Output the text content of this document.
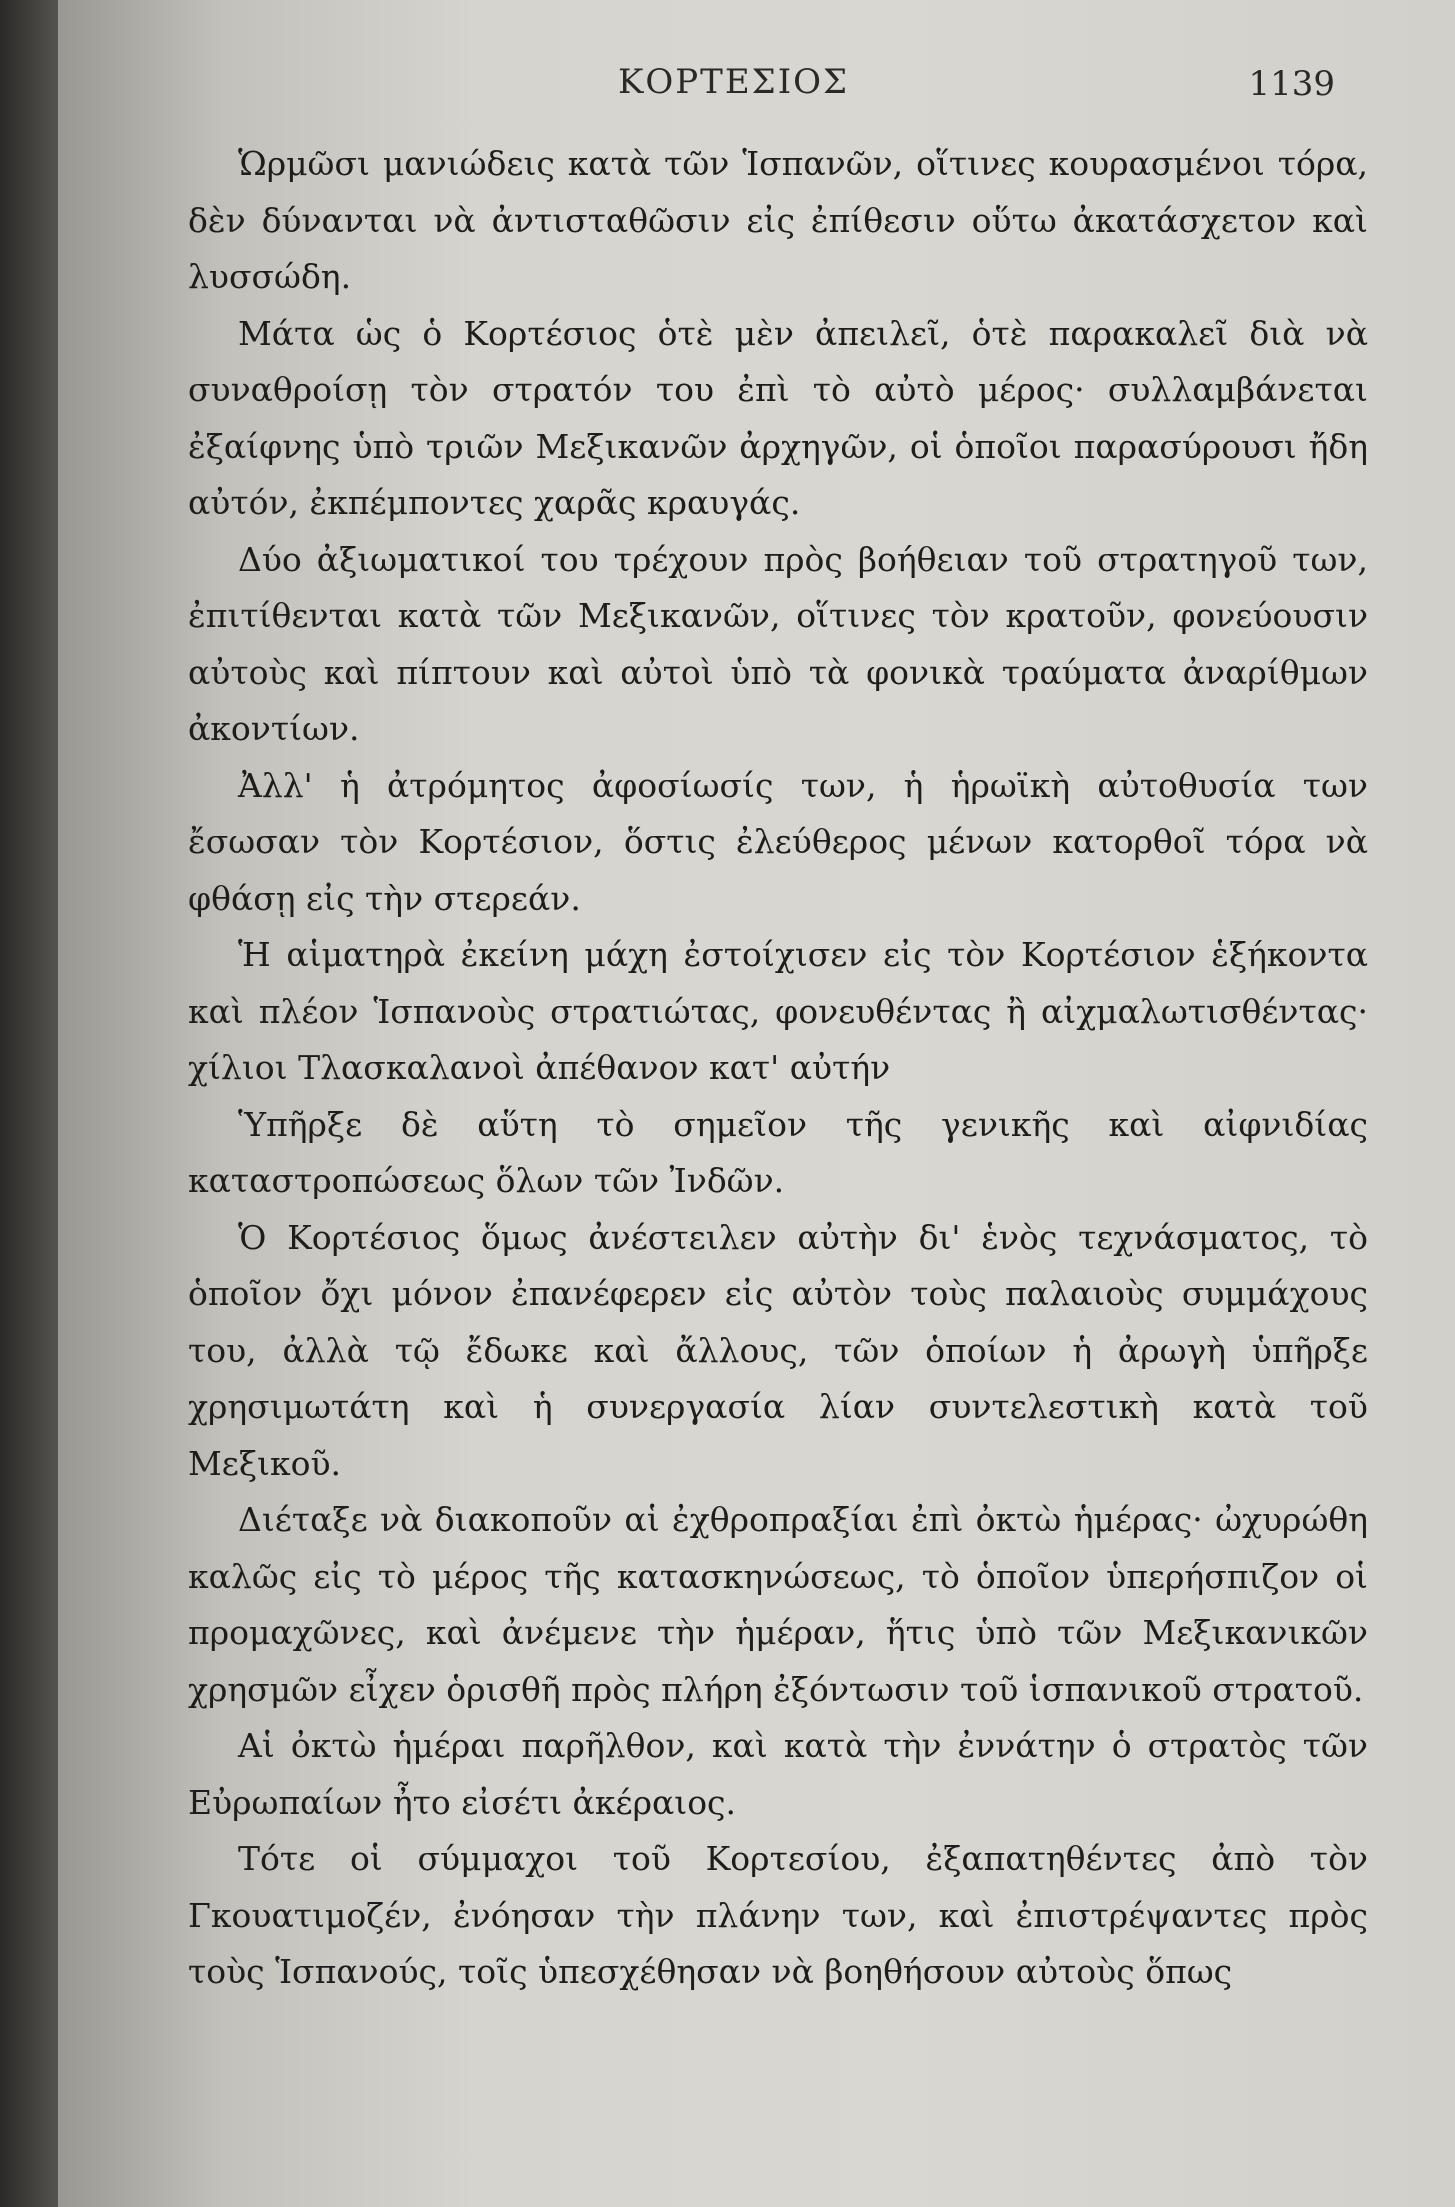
ΚΟΡΤΕΣΙΟΣ	1139

Ὡρμῶσι μανιώδεις κατὰ τῶν Ἱσπανῶν, οἵτινες κουρασμένοι τόρα, δὲν δύνανται νὰ ἀντισταθῶσιν εἰς ἐπίθεσιν οὕτω ἀκατάσχετον καὶ λυσσώδη.

Μάτα ὡς ὁ Κορτέσιος ὁτὲ μὲν ἀπειλεῖ, ὁτὲ παρακαλεῖ διὰ νὰ συναθροίσῃ τὸν στρατόν του ἐπὶ τὸ αὐτὸ μέρος· συλλαμβάνεται ἐξαίφνης ὑπὸ τριῶν Μεξικανῶν ἀρχηγῶν, οἱ ὁποῖοι παρασύρουσι ἤδη αὐτόν, ἐκπέμποντες χαρᾶς κραυγάς.

Δύο ἀξιωματικοί του τρέχουν πρὸς βοήθειαν τοῦ στρατηγοῦ των, ἐπιτίθενται κατὰ τῶν Μεξικανῶν, οἵτινες τὸν κρατοῦν, φονεύουσιν αὐτοὺς καὶ πίπτουν καὶ αὐτοὶ ὑπὸ τὰ φονικὰ τραύματα ἀναρίθμων ἀκοντίων.

Ἀλλ' ἡ ἀτρόμητος ἀφοσίωσίς των, ἡ ἡρωϊκὴ αὐτοθυσία των ἔσωσαν τὸν Κορτέσιον, ὅστις ἐλεύθερος μένων κατορθοῖ τόρα νὰ φθάσῃ εἰς τὴν στερεάν.

Ἡ αἱματηρὰ ἐκείνη μάχη ἐστοίχισεν εἰς τὸν Κορτέσιον ἑξήκοντα καὶ πλέον Ἱσπανοὺς στρατιώτας, φονευθέντας ἢ αἰχμαλωτισθέντας· χίλιοι Τλασκαλανοὶ ἀπέθανον κατ' αὐτήν

Ὑπῆρξε δὲ αὕτη τὸ σημεῖον τῆς γενικῆς καὶ αἰφνιδίας καταστροπώσεως ὅλων τῶν Ἰνδῶν.

Ὁ Κορτέσιος ὅμως ἀνέστειλεν αὐτὴν δι' ἑνὸς τεχνάσματος, τὸ ὁποῖον ὄχι μόνον ἐπανέφερεν εἰς αὐτὸν τοὺς παλαιοὺς συμμάχους του, ἀλλὰ τῷ ἔδωκε καὶ ἄλλους, τῶν ὁποίων ἡ ἀρωγὴ ὑπῆρξε χρησιμωτάτη καὶ ἡ συνεργασία λίαν συντελεστικὴ κατὰ τοῦ Μεξικοῦ.

Διέταξε νὰ διακοποῦν αἱ ἐχθροπραξίαι ἐπὶ ὀκτὼ ἡμέρας· ὠχυρώθη καλῶς εἰς τὸ μέρος τῆς κατασκηνώσεως, τὸ ὁποῖον ὑπερήσπιζον οἱ προμαχῶνες, καὶ ἀνέμενε τὴν ἡμέραν, ἥτις ὑπὸ τῶν Μεξικανικῶν χρησμῶν εἶχεν ὁρισθῆ πρὸς πλήρη ἐξόντωσιν τοῦ ἱσπανικοῦ στρατοῦ.

Αἱ ὀκτὼ ἡμέραι παρῆλθον, καὶ κατὰ τὴν ἐννάτην ὁ στρατὸς τῶν Εὐρωπαίων ἦτο εἰσέτι ἀκέραιος.

Τότε οἱ σύμμαχοι τοῦ Κορτεσίου, ἐξαπατηθέντες ἀπὸ τὸν Γκουατιμοζέν, ἐνόησαν τὴν πλάνην των, καὶ ἐπιστρέψαντες πρὸς τοὺς Ἱσπανούς, τοῖς ὑπεσχέθησαν νὰ βοηθήσουν αὐτοὺς ὅπως
